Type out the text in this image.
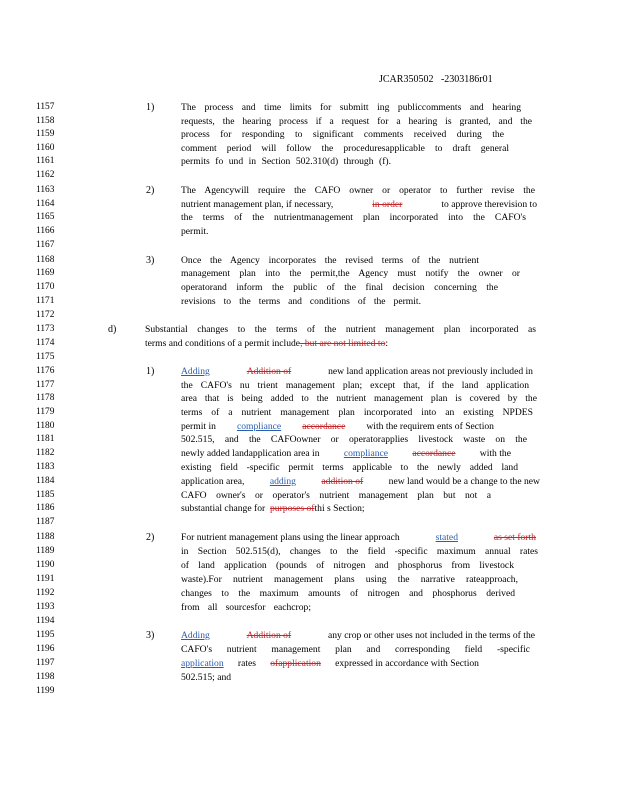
JCAR350502 -2303186r01
1157
1158
1159
1160
1161
1162
1163
1164
1165
1166
1167
1168
1169
1170
1171
1172
1173
1174
1175
1176
1177
1178
1179
1180
1181
1182
1183
1184
1185
1186
1187
1188
1189
1190
1191
1192
1193
1194
1195
1196
1197
1198
1199
1)	The process and time limits for submitt ing publiccomments and hearing
requests, the hearing process if a request for a hearing is granted, and the
process for responding to significant comments received during the
comment period will follow the proceduresapplicable to draft general
permits fo und in Section 502.310(d) through (f).
2)	The Agencywill require the CAFO owner or operator to further revise the
nutrient management plan, if necessary,	in order	to approve therevision to
the terms of the nutrientmanagement plan incorporated into the CAFO's
permit.
3)	Once the Agency incorporates the revised terms of the nutrient
management plan into the permit,the Agency must notify the owner or
operatorand inform the public of the final decision concerning the
revisions to the terms and conditions of the permit.
d)	Substantial changes to the terms of the nutrient management plan incorporated as
terms and conditions of a permit include, but are not limited to:
1)	Adding	Addition of	new land application areas not previously included in
the CAFO's nu trient management plan; except that, if the land application
area that is being added to the nutrient management plan is covered by the
terms of a nutrient management plan incorporated into an existing NPDES
permit in compliance accordance with the requirem ents of Section
502.515, and the CAFOowner or operatorapplies livestock waste on the
newly added landapplication area in	compliance	accordance	with the
existing field -specific permit terms applicable to the newly added land
application area,	adding	addition of	new land would be a change to the new
CAFO owner's or operator's nutrient management plan but not a
substantial change for purposes ofthi s Section;
2)	For nutrient management plans using the linear approach	stated	as set forth
in Section 502.515(d), changes to the field -specific maximum annual rates
of land application (pounds of nitrogen and phosphorus from livestock
waste).For nutrient management plans using the narrative rateapproach,
changes to the maximum amounts of nitrogen and phosphorus derived
from all sourcesfor eachcrop;
3)	Adding	Addition of	any crop or other uses not included in the terms of the
CAFO's nutrient management plan and corresponding field -specific
application rates ofapplication expressed in accordance with Section
502.515; and
